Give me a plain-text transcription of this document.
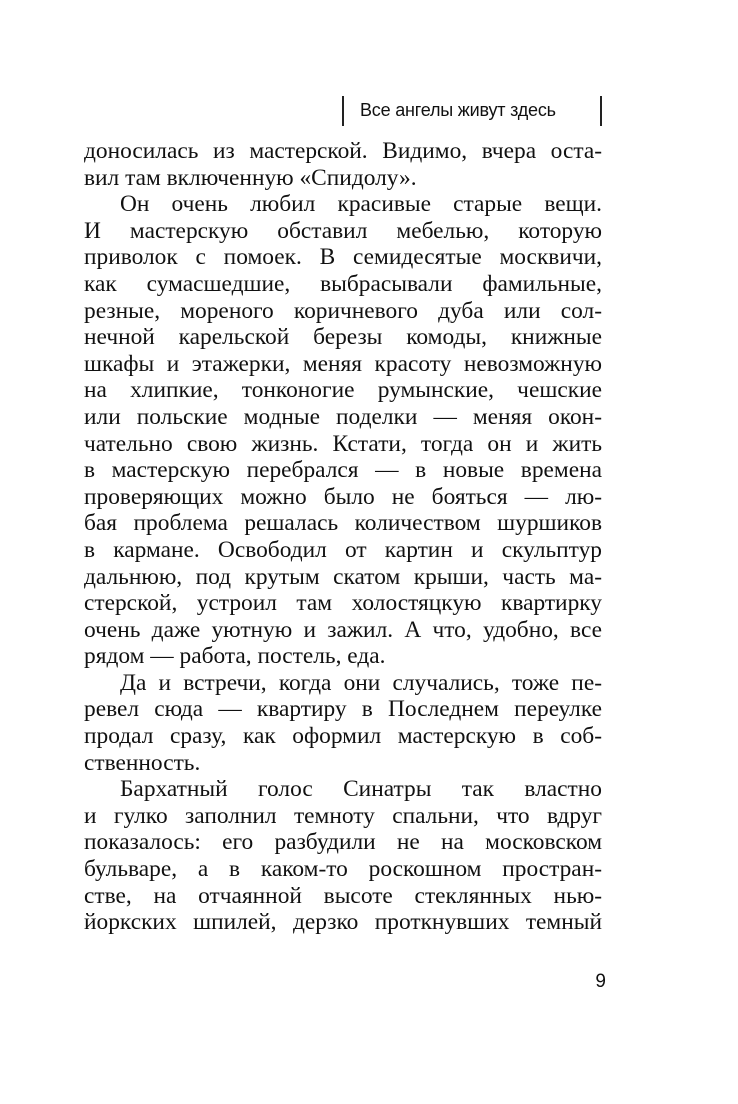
Все ангелы живут здесь
доносилась из мастерской. Видимо, вчера оста-
вил там включенную «Спидолу».
Он очень любил красивые старые вещи.
И мастерскую обставил мебелью, которую
приволок с помоек. В семидесятые москвичи,
как сумасшедшие, выбрасывали фамильные,
резные, мореного коричневого дуба или сол-
нечной карельской березы комоды, книжные
шкафы и этажерки, меняя красоту невозможную
на хлипкие, тонконогие румынские, чешские
или польские модные поделки — меняя окон-
чательно свою жизнь. Кстати, тогда он и жить
в мастерскую перебрался — в новые времена
проверяющих можно было не бояться — лю-
бая проблема решалась количеством шуршиков
в кармане. Освободил от картин и скульптур
дальнюю, под крутым скатом крыши, часть ма-
стерской, устроил там холостяцкую квартирку
очень даже уютную и зажил. А что, удобно, все
рядом — работа, постель, еда.
Да и встречи, когда они случались, тоже пе-
ревел сюда — квартиру в Последнем переулке
продал сразу, как оформил мастерскую в соб-
ственность.
Бархатный голос Синатры так властно
и гулко заполнил темноту спальни, что вдруг
показалось: его разбудили не на московском
бульваре, а в каком-то роскошном простран-
стве, на отчаянной высоте стеклянных нью-
йоркских шпилей, дерзко проткнувших темный
9
